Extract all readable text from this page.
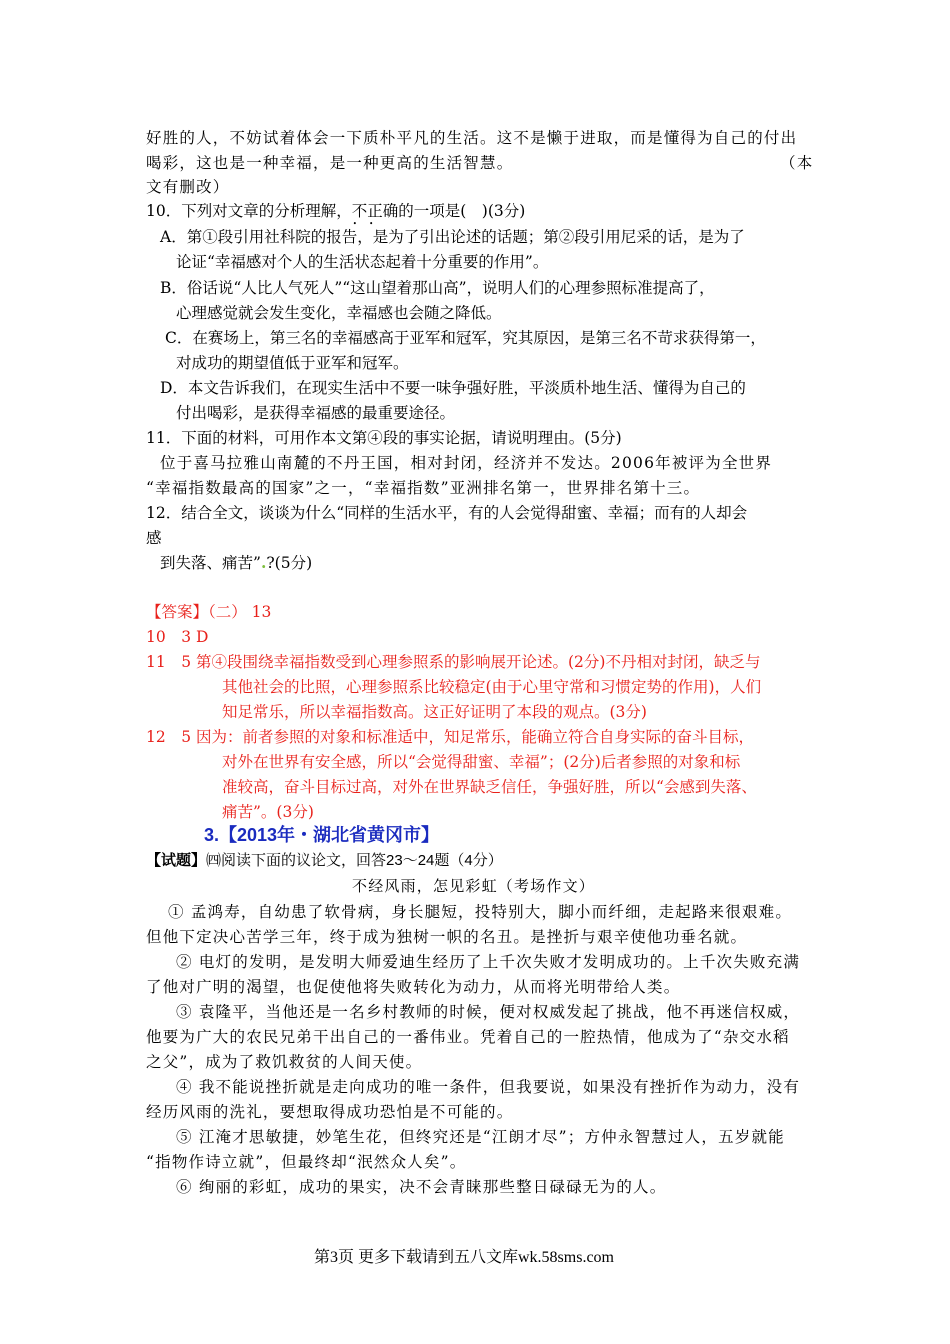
好胜的人，不妨试着体会一下质朴平凡的生活。这不是懒于进取，而是懂得为自己的付出
喝彩，这也是一种幸福，是一种更高的生活智慧。	（本
文有删改）
10．下列对文章的分析理解，不正确 • •的一项是(　)(3分)
A．第①段引用社科院的报告，是为了引出论述的话题；第②段引用尼采的话，是为了
论证“幸福感对个人的生活状态起着十分重要的作用”。
B．俗话说“人比人气死人”“这山望着那山高”，说明人们的心理参照标准提高了，
心理感觉就会发生变化，幸福感也会随之降低。
C．在赛场上，第三名的幸福感高于亚军和冠军，究其原因，是第三名不苛求获得第一，
对成功的期望值低于亚军和冠军。
D．本文告诉我们，在现实生活中不要一味争强好胜，平淡质朴地生活、懂得为自己的
付出喝彩，是获得幸福感的最重要途径。
11．下面的材料，可用作本文第④段的事实论据，请说明理由。(5分)
位于喜马拉雅山南麓的不丹王国，相对封闭，经济并不发达。2006年被评为全世界
“幸福指数最高的国家”之一，“幸福指数”亚洲排名第一，世界排名第十三。
12．结合全文，谈谈为什么“同样的生活水平，有的人会觉得甜蜜、幸福；而有的人却会
感
到失落、痛苦”.?(5分)
【答案】（二） 13
10　3 D
11　5 第④段围绕幸福指数受到心理参照系的影响展开论述。(2分)不丹相对封闭，缺乏与
其他社会的比照，心理参照系比较稳定(由于心里守常和习惯定势的作用)，人们
知足常乐，所以幸福指数高。这正好证明了本段的观点。(3分)
12　5 因为：前者参照的对象和标准适中，知足常乐，能确立符合自身实际的奋斗目标，
对外在世界有安全感，所以“会觉得甜蜜、幸福”；(2分)后者参照的对象和标
准较高，奋斗目标过高，对外在世界缺乏信任，争强好胜，所以“会感到失落、
痛苦”。(3分)
3.【2013年・湖北省黄冈市】
【试题】㈣阅读下面的议论文，回答23～24题（4分）
不经风雨，怎见彩虹（考场作文）
① 孟鸿寿，自幼患了软骨病，身长腿短，投特别大，脚小而纤细，走起路来很艰难。
但他下定决心苦学三年，终于成为独树一帜的名丑。是挫折与艰辛使他功垂名就。
② 电灯的发明，是发明大师爱迪生经历了上千次失败才发明成功的。上千次失败充满
了他对广明的渴望，也促使他将失败转化为动力，从而将光明带给人类。
③ 袁隆平，当他还是一名乡村教师的时候，便对权威发起了挑战，他不再迷信权威，
他要为广大的农民兄弟干出自己的一番伟业。凭着自己的一腔热情，他成为了“杂交水稻
之父”，成为了救饥救贫的人间天使。
④ 我不能说挫折就是走向成功的唯一条件，但我要说，如果没有挫折作为动力，没有
经历风雨的洗礼，要想取得成功恐怕是不可能的。
⑤ 江淹才思敏捷，妙笔生花，但终究还是“江朗才尽”；方仲永智慧过人，五岁就能
“指物作诗立就”，但最终却“泯然众人矣”。
⑥ 绚丽的彩虹，成功的果实，决不会青睐那些整日碌碌无为的人。
第3页 更多下载请到五八文库wk.58sms.com
